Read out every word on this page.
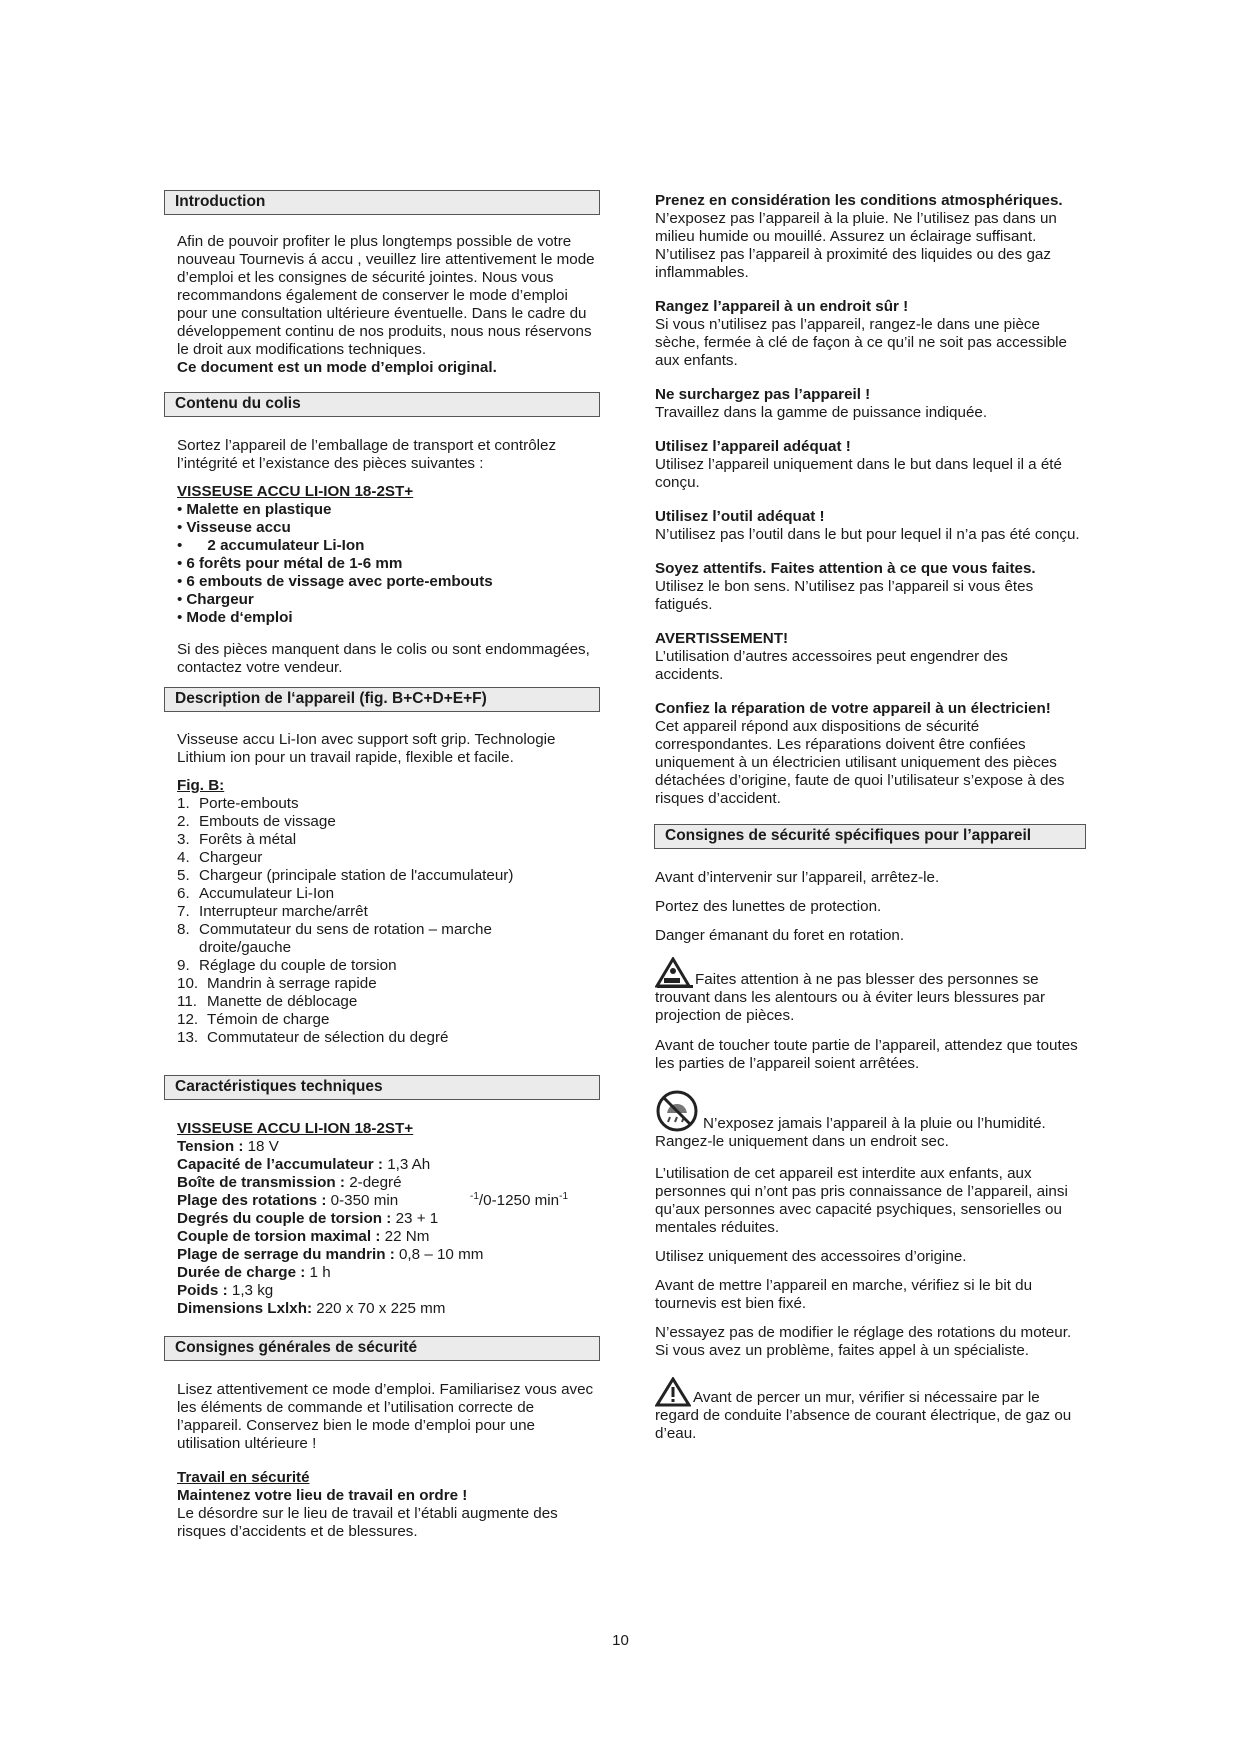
Introduction

Afin de pouvoir profiter le plus longtemps possible de votre nouveau Tournevis á accu , veuillez lire attentivement le mode d’emploi et les consignes de sécurité jointes. Nous vous recommandons également de conserver le mode d’emploi pour une consultation ultérieure éventuelle. Dans le cadre du développement continu de nos produits, nous nous réservons le droit aux modifications techniques.

Ce document est un mode d’emploi original.

Contenu du colis

Sortez l’appareil de l’emballage de transport et contrôlez l’intégrité et l’existance des pièces suivantes :

VISSEUSE ACCU LI-ION 18-2ST+

• Malette en plastique
• Visseuse accu
•      2 accumulateur Li-Ion
• 6 forêts pour métal de 1-6 mm
• 6 embouts de vissage avec porte-embouts
• Chargeur
• Mode d‘emploi

Si des pièces manquent dans le colis ou sont endommagées, contactez votre vendeur.

Description de l‘appareil (fig. B+C+D+E+F)

Visseuse accu Li-Ion avec support soft grip. Technologie Lithium ion pour un travail rapide, flexible et facile.

Fig. B:

1. Porte-embouts
2. Embouts de vissage
3. Forêts à métal
4. Chargeur
5. Chargeur (principale station de l'accumulateur)
6. Accumulateur Li-Ion
7. Interrupteur marche/arrêt
8. Commutateur du sens de rotation – marche droite/gauche
9. Réglage du couple de torsion
10. Mandrin à serrage rapide
11. Manette de déblocage
12. Témoin de charge
13. Commutateur de sélection du degré
Caractéristiques techniques

VISSEUSE ACCU LI-ION 18-2ST+

Tension : 18 V
Capacité de l’accumulateur : 1,3 Ah
Boîte de transmission : 2-degré
Plage des rotations : 0-350 min	$^{-1}$/0-1250 $\min^{-1}$
Degrés du couple de torsion : 23 + 1
Couple de torsion maximal : 22 Nm
Plage de serrage du mandrin : 0,8 – 10 mm
Durée de charge : 1 h
Poids : 1,3 kg
Dimensions Lxlxh: 220 x 70 x 225 mm
Consignes générales de sécurité

Lisez attentivement ce mode d’emploi. Familiarisez vous avec les éléments de commande et l’utilisation correcte de l’appareil. Conservez bien le mode d’emploi pour une utilisation ultérieure !

Travail en sécurité

Maintenez votre lieu de travail en ordre !

Le désordre sur le lieu de travail et l’établi augmente des risques d’accidents et de blessures.

Prenez en considération les conditions atmosphériques.

N’exposez pas l’appareil à la pluie. Ne l’utilisez pas dans un milieu humide ou mouillé. Assurez un éclairage suffisant. N’utilisez pas l’appareil à proximité des liquides ou des gaz inflammables.

Rangez l’appareil à un endroit sûr !

Si vous n’utilisez pas l’appareil, rangez-le dans une pièce sèche, fermée à clé de façon à ce qu’il ne soit pas accessible aux enfants.

Ne surchargez pas l’appareil !

Travaillez dans la gamme de puissance indiquée.

Utilisez l’appareil adéquat !

Utilisez l’appareil uniquement dans le but dans lequel il a été conçu.

Utilisez l’outil adéquat !

N’utilisez pas l’outil dans le but pour lequel il n’a pas été conçu.

Soyez attentifs. Faites attention à ce que vous faites.

Utilisez le bon sens. N’utilisez pas l’appareil si vous êtes fatigués.

AVERTISSEMENT!

L’utilisation d’autres accessoires peut engendrer des accidents.

Confiez la réparation de votre appareil à un électricien!

Cet appareil répond aux dispositions de sécurité correspondantes. Les réparations doivent être confiées uniquement à un électricien utilisant uniquement des pièces détachées d’origine, faute de quoi l’utilisateur s’expose à des risques d’accident.

Consignes de sécurité spécifiques pour l’appareil

Avant d’intervenir sur l’appareil, arrêtez-le.

Portez des lunettes de protection.

Danger émanant du foret en rotation.

Faites attention à ne pas blesser des personnes se trouvant dans les alentours ou à éviter leurs blessures par projection de pièces.

Avant de toucher toute partie de l’appareil, attendez que toutes les parties de l’appareil soient arrêtées.

N’exposez jamais l’appareil à la pluie ou l’humidité. Rangez-le uniquement dans un endroit sec.

L’utilisation de cet appareil est interdite aux enfants, aux personnes qui n’ont pas pris connaissance de l’appareil, ainsi qu’aux personnes avec capacité psychiques, sensorielles ou mentales réduites.

Utilisez uniquement des accessoires d’origine.

Avant de mettre l’appareil en marche, vérifiez si le bit du tournevis est bien fixé.

N’essayez pas de modifier le réglage des rotations du moteur. Si vous avez un problème, faites appel à un spécialiste.

Avant de percer un mur, vérifier si nécessaire par le regard de conduite l’absence de courant électrique, de gaz ou d’eau.

10
